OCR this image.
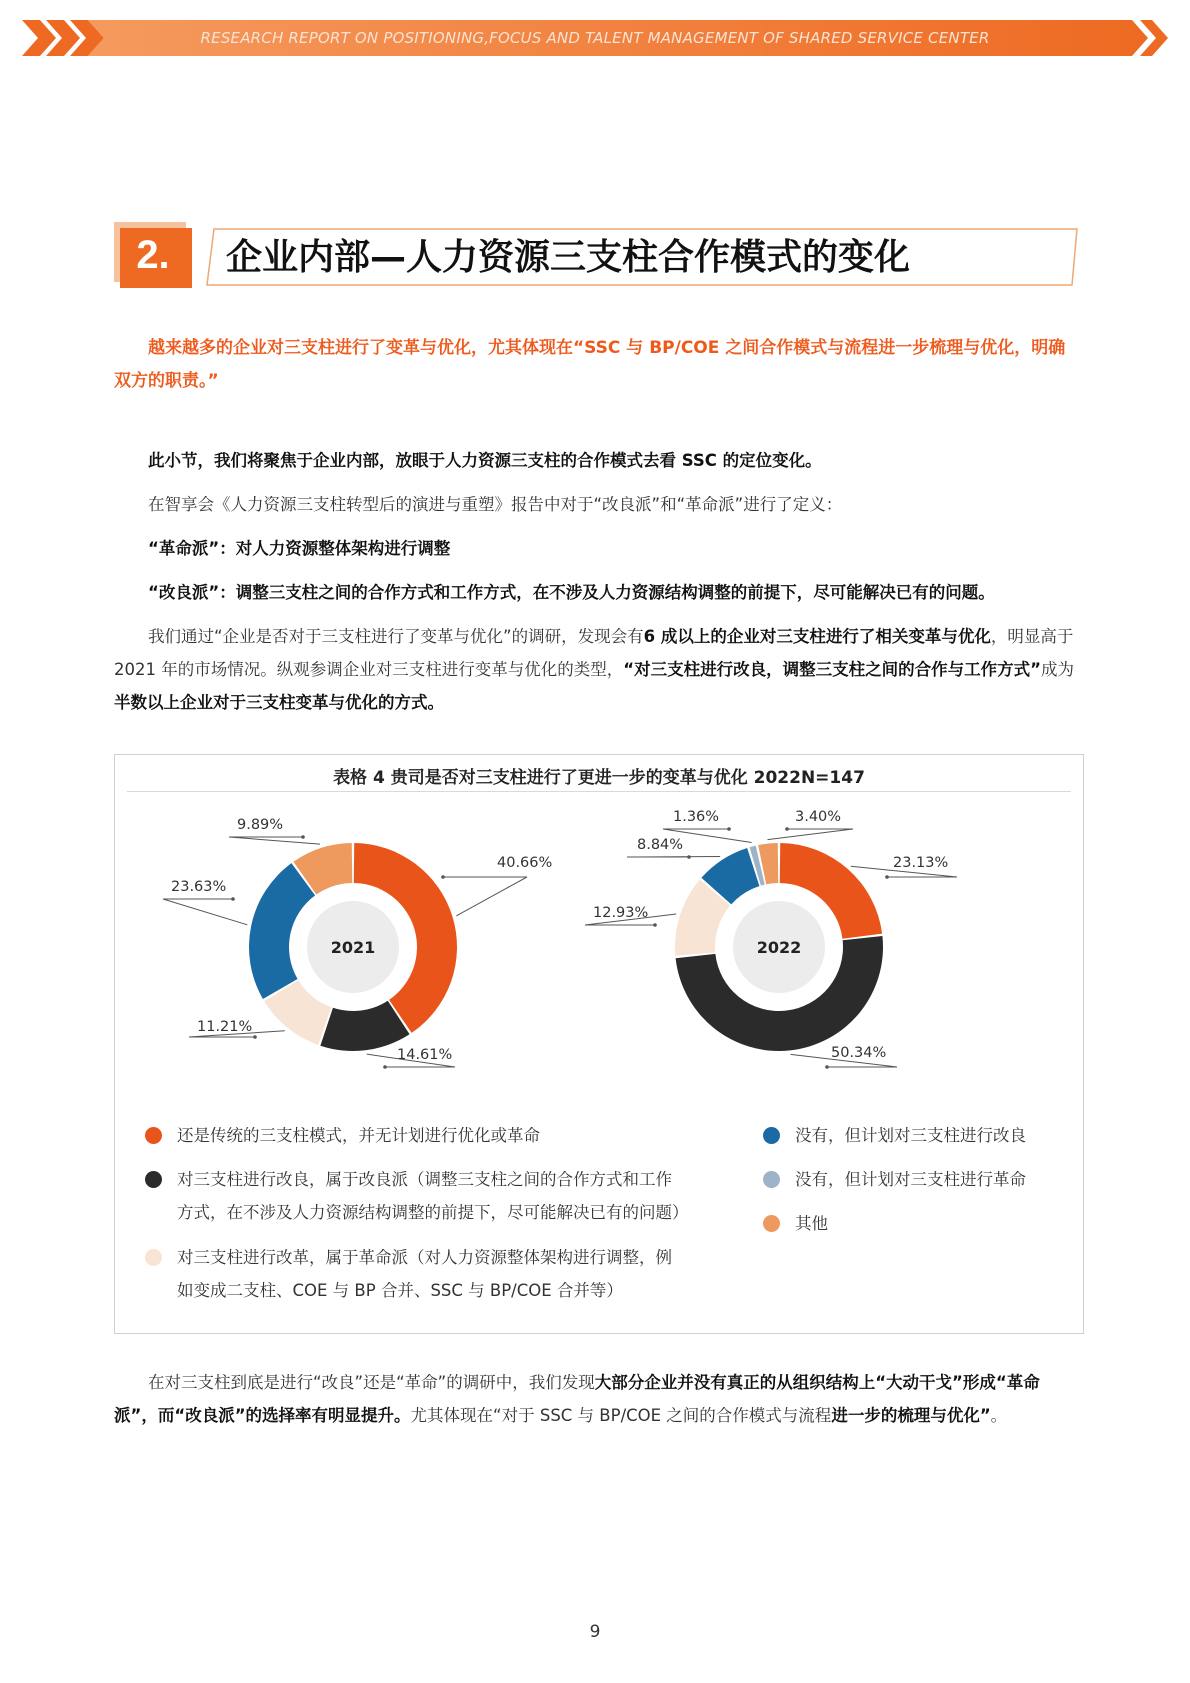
RESEARCH REPORT ON POSITIONING,FOCUS AND TALENT MANAGEMENT OF SHARED SERVICE CENTER
2.	企业内部—人力资源三支柱合作模式的变化
越来越多的企业对三支柱进行了变革与优化，尤其体现在“SSC 与 BP/COE 之间合作模式与流程进一步梳理与优化，明确双方的职责。”
此小节，我们将聚焦于企业内部，放眼于人力资源三支柱的合作模式去看 SSC 的定位变化。
在智享会《人力资源三支柱转型后的演进与重塑》报告中对于“改良派”和“革命派”进行了定义：
“革命派”：对人力资源整体架构进行调整
“改良派”：调整三支柱之间的合作方式和工作方式，在不涉及人力资源结构调整的前提下，尽可能解决已有的问题。
我们通过“企业是否对于三支柱进行了变革与优化”的调研，发现会有6 成以上的企业对三支柱进行了相关变革与优化，明显高于 2021 年的市场情况。纵观参调企业对三支柱进行变革与优化的类型，“对三支柱进行改良，调整三支柱之间的合作与工作方式”成为半数以上企业对于三支柱变革与优化的方式。
表格 4 贵司是否对三支柱进行了更进一步的变革与优化 2022N=147
40.66%
14.61%
11.21%
23.63%
9.89%
2021
23.13%
50.34%
12.93%
8.84%
1.36%	3.40%
2022
还是传统的三支柱模式，并无计划进行优化或革命
对三支柱进行改良，属于改良派（调整三支柱之间的合作方式和工作
方式，在不涉及人力资源结构调整的前提下，尽可能解决已有的问题）
对三支柱进行改革，属于革命派（对人力资源整体架构进行调整，例
如变成二支柱、COE 与 BP 合并、SSC 与 BP/COE 合并等）
没有，但计划对三支柱进行改良
没有，但计划对三支柱进行革命
其他
在对三支柱到底是进行“改良”还是“革命”的调研中，我们发现大部分企业并没有真正的从组织结构上“大动干戈”形成“革命派”，而“改良派”的选择率有明显提升。尤其体现在“对于 SSC 与 BP/COE 之间的合作模式与流程进一步的梳理与优化”。
9
